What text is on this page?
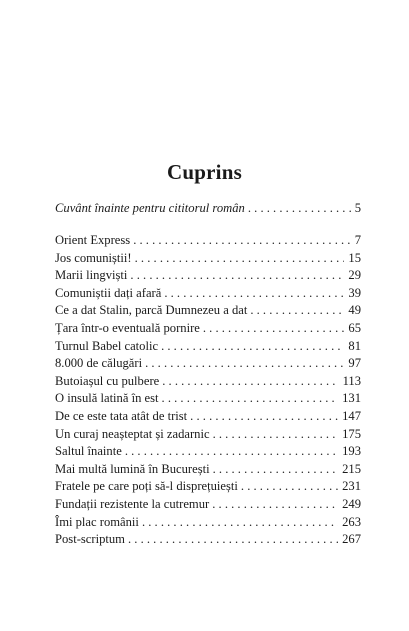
Cuprins
Cuvânt înainte pentru cititorul român . . .	5
Orient Express . . .	7
Jos comuniștii! . . .	15
Marii lingviști . . .	29
Comuniștii dați afară . . .	39
Ce a dat Stalin, parcă Dumnezeu a dat . . .	49
Țara într-o eventuală pornire . . .	65
Turnul Babel catolic . . .	81
8.000 de călugări . . .	97
Butoiașul cu pulbere . . .	113
O insulă latină în est . . .	131
De ce este tata atât de trist . . .	147
Un curaj neașteptat și zadarnic . . .	175
Saltul înainte . . .	193
Mai multă lumină în București . . .	215
Fratele pe care poți să-l disprețuiești . . .	231
Fundații rezistente la cutremur . . .	249
Îmi plac românii . . .	263
Post-scriptum . . .	267
